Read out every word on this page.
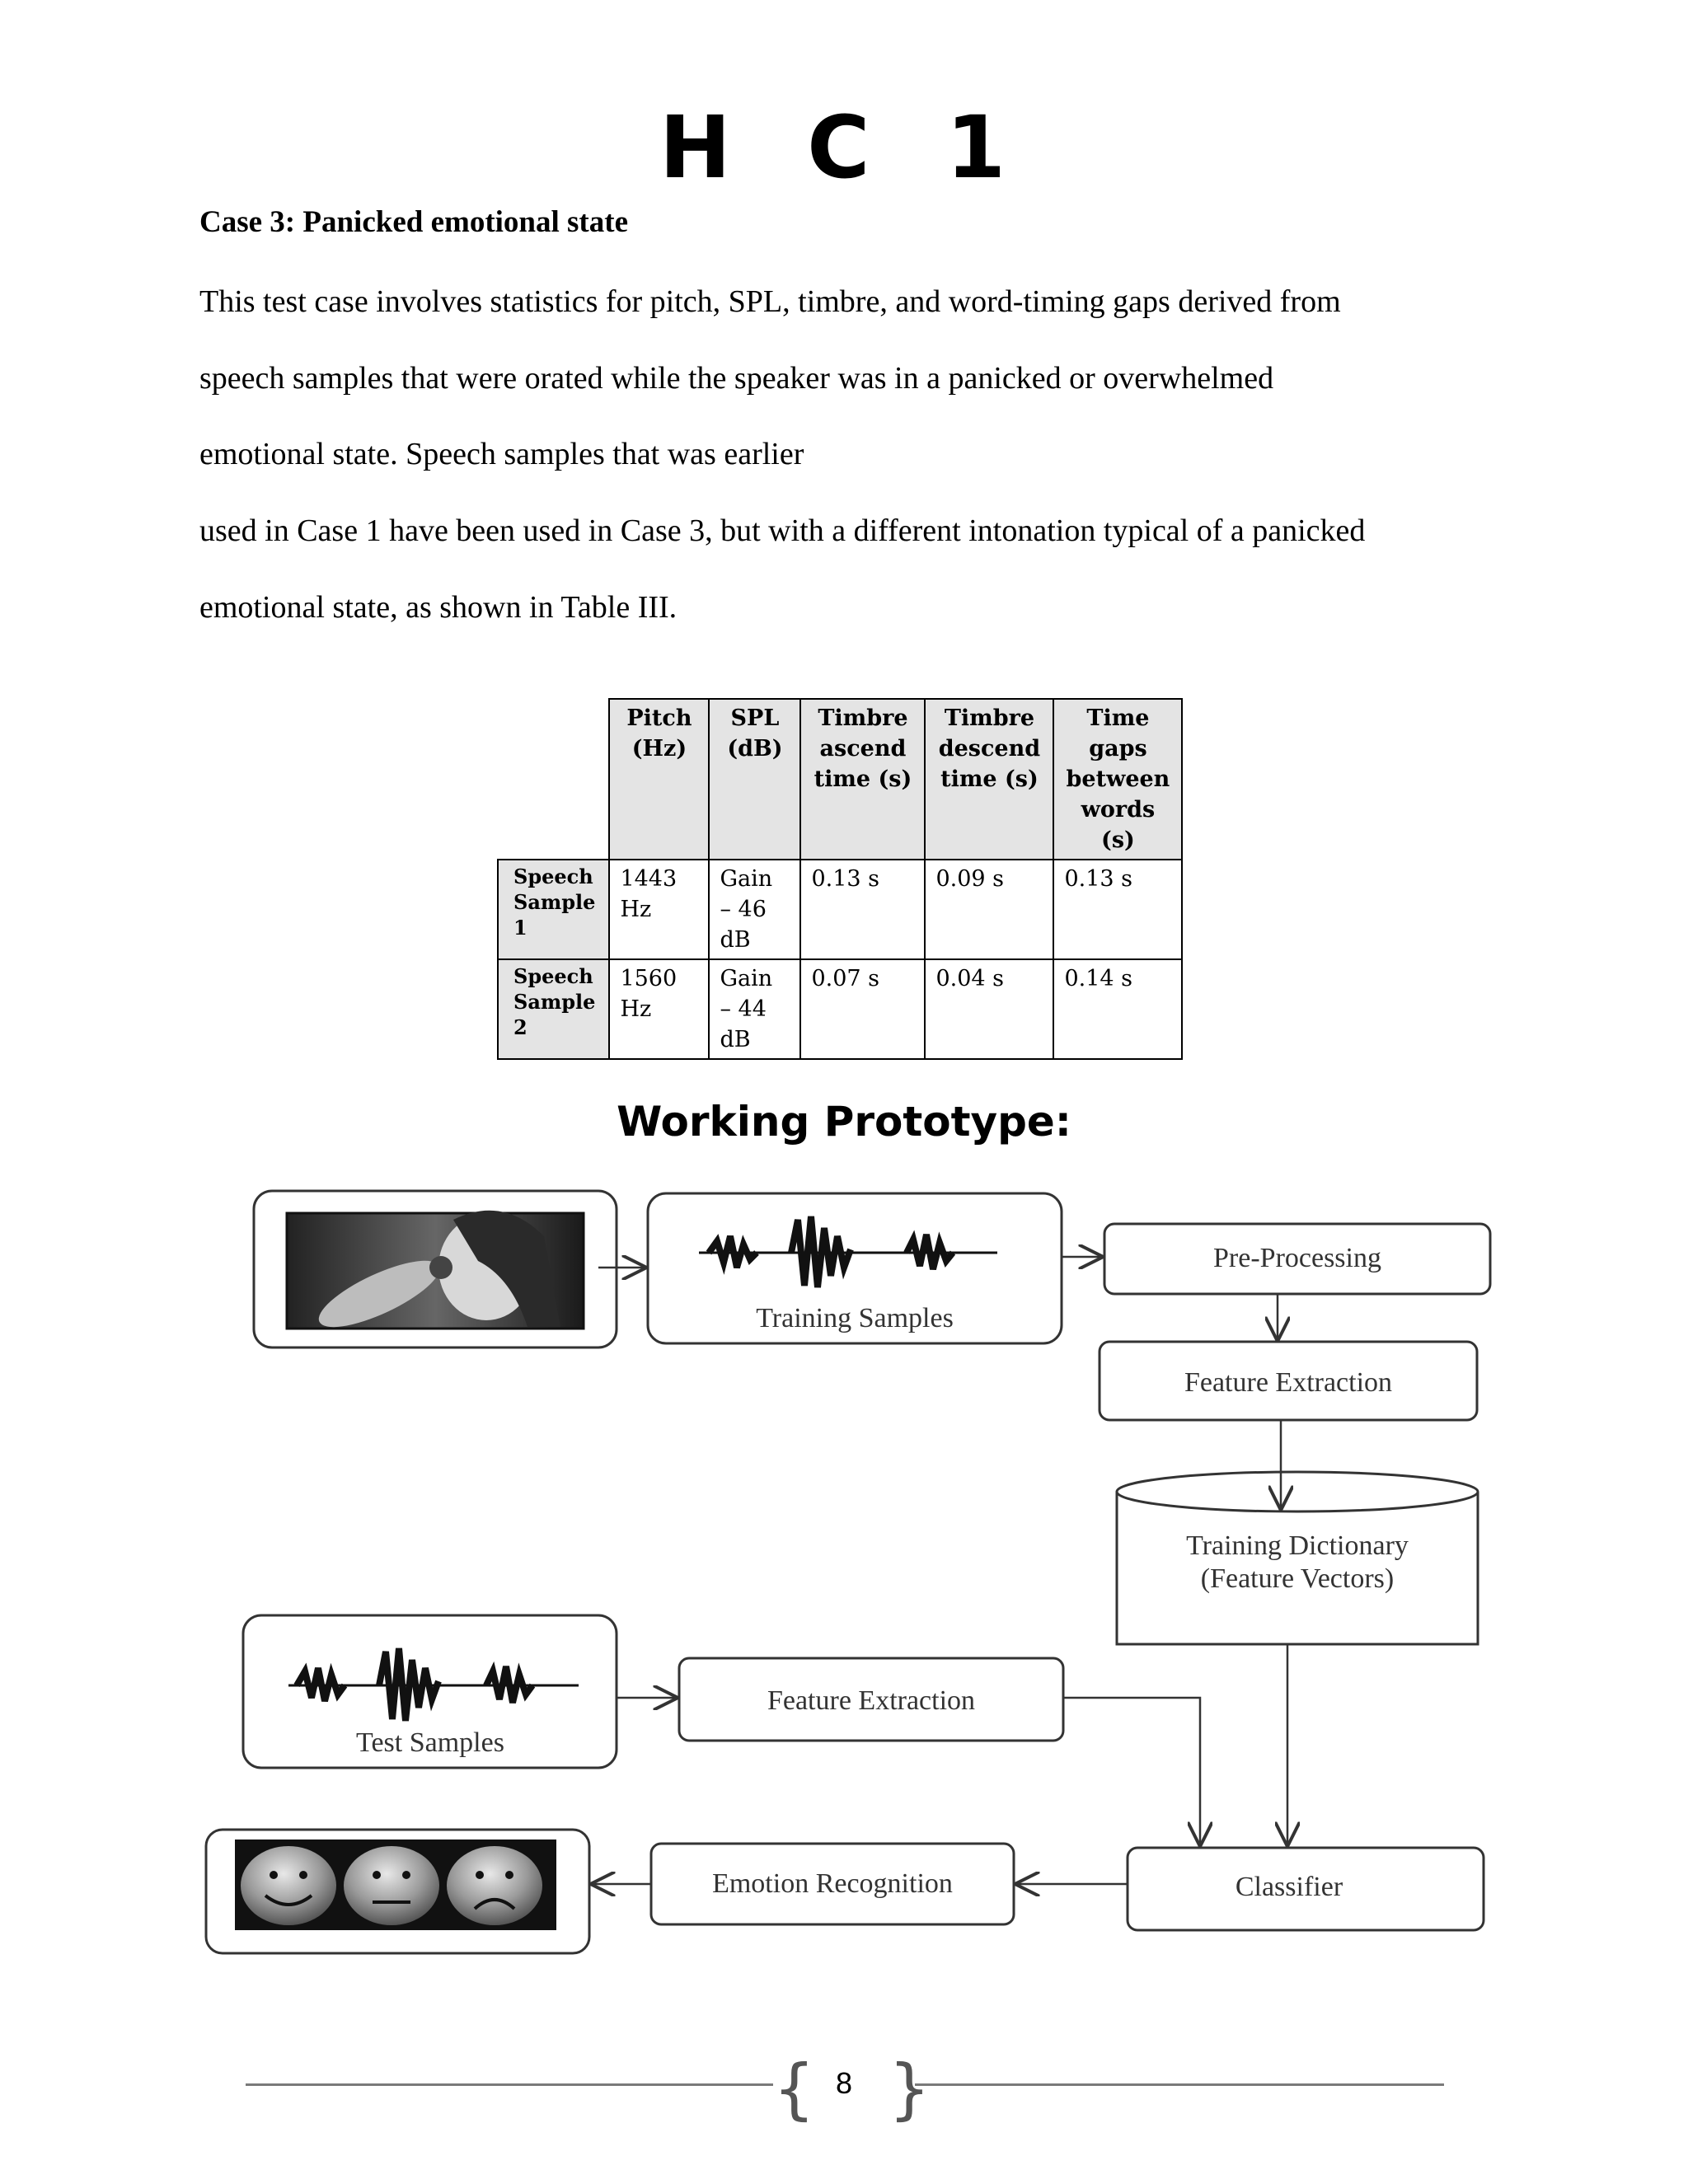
H C 1
Case 3: Panicked emotional state
This test case involves statistics for pitch, SPL, timbre, and word-timing gaps derived from
speech samples that were orated while the speaker was in a panicked or overwhelmed
emotional state. Speech samples that was earlier
used in Case 1 have been used in Case 3, but with a different intonation typical of a panicked
emotional state, as shown in Table III.
	Pitch (Hz)	SPL (dB)	Timbre ascend time (s)	Timbre descend time (s)	Time gaps between words (s)
Speech Sample 1	1443 Hz	Gain – 46 dB	0.13 s	0.09 s	0.13 s
Speech Sample 2	1560 Hz	Gain – 44 dB	0.07 s	0.04 s	0.14 s
Working Prototype:
Training Samples
Pre-Processing
Feature Extraction
Training Dictionary
(Feature Vectors)
Test Samples
Feature Extraction
Emotion Recognition	Classifier
{ }
8
